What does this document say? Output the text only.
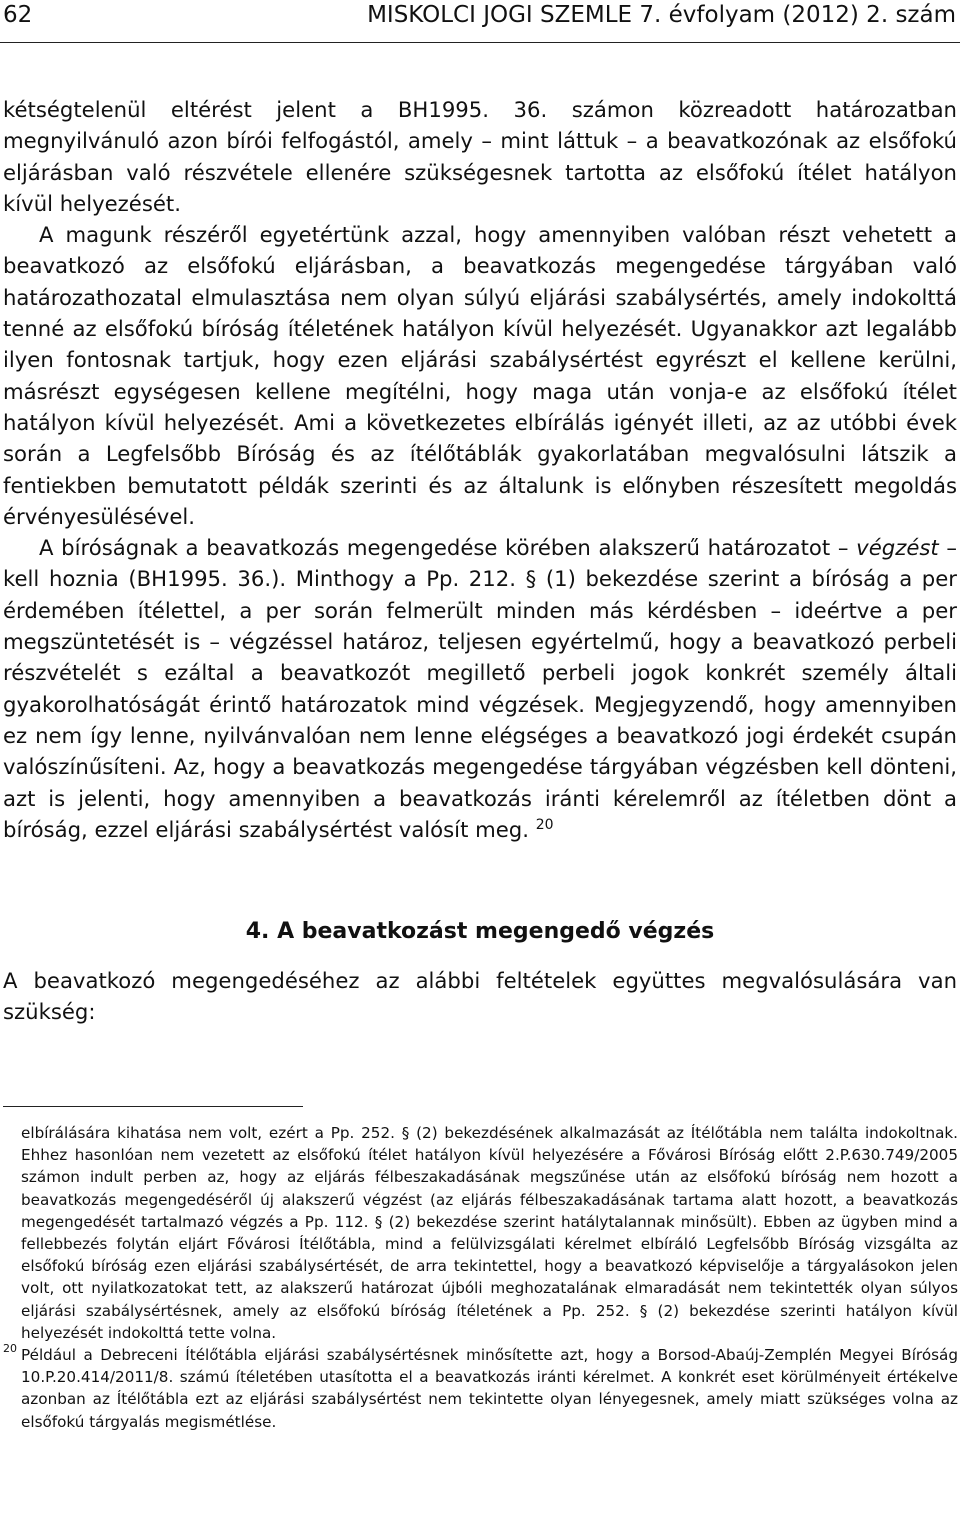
62	MISKOLCI JOGI SZEMLE 7. évfolyam (2012) 2. szám

kétségtelenül eltérést jelent a BH1995. 36. számon közreadott határozatban megnyilvánuló azon bírói felfogástól, amely – mint láttuk – a beavatkozónak az elsőfokú eljárásban való részvétele ellenére szükségesnek tartotta az elsőfokú ítélet hatályon kívül helyezését.

A magunk részéről egyetértünk azzal, hogy amennyiben valóban részt vehetett a beavatkozó az elsőfokú eljárásban, a beavatkozás megengedése tárgyában való határozathozatal elmulasztása nem olyan súlyú eljárási szabálysértés, amely indokolttá tenné az elsőfokú bíróság ítéletének hatályon kívül helyezését. Ugyanakkor azt legalább ilyen fontosnak tartjuk, hogy ezen eljárási szabálysértést egyrészt el kellene kerülni, másrészt egységesen kellene megítélni, hogy maga után vonja-e az elsőfokú ítélet hatályon kívül helyezését. Ami a következetes elbírálás igényét illeti, az az utóbbi évek során a Legfelsőbb Bíróság és az ítélőtáblák gyakorlatában megvalósulni látszik a fentiekben bemutatott példák szerinti és az általunk is előnyben részesített megoldás érvényesülésével.

A bíróságnak a beavatkozás megengedése körében alakszerű határozatot – végzést – kell hoznia (BH1995. 36.). Minthogy a Pp. 212. § (1) bekezdése szerint a bíróság a per érdemében ítélettel, a per során felmerült minden más kérdésben – ideértve a per megszüntetését is – végzéssel határoz, teljesen egyértelmű, hogy a beavatkozó perbeli részvételét s ezáltal a beavatkozót megillető perbeli jogok konkrét személy általi gyakorolhatóságát érintő határozatok mind végzések. Megjegyzendő, hogy amennyiben ez nem így lenne, nyilvánvalóan nem lenne elégséges a beavatkozó jogi érdekét csupán valószínűsíteni. Az, hogy a beavatkozás megengedése tárgyában végzésben kell dönteni, azt is jelenti, hogy amennyiben a beavatkozás iránti kérelemről az ítéletben dönt a bíróság, ezzel eljárási szabálysértést valósít meg. $^{20}$

4. A beavatkozást megengedő végzés

A beavatkozó megengedéséhez az alábbi feltételek együttes megvalósulására van szükség:

elbírálására kihatása nem volt, ezért a Pp. 252. § (2) bekezdésének alkalmazását az Ítélőtábla nem találta indokoltnak. Ehhez hasonlóan nem vezetett az elsőfokú ítélet hatályon kívül helyezésére a Fővárosi Bíróság előtt 2.P.630.749/2005 számon indult perben az, hogy az eljárás félbeszakadásának megszűnése után az elsőfokú bíróság nem hozott a beavatkozás megengedéséről új alakszerű végzést (az eljárás félbeszakadásának tartama alatt hozott, a beavatkozás megengedését tartalmazó végzés a Pp. 112. § (2) bekezdése szerint hatálytalannak minősült). Ebben az ügyben mind a fellebbezés folytán eljárt Fővárosi Ítélőtábla, mind a felülvizsgálati kérelmet elbíráló Legfelsőbb Bíróság vizsgálta az elsőfokú bíróság ezen eljárási szabálysértését, de arra tekintettel, hogy a beavatkozó képviselője a tárgyalásokon jelen volt, ott nyilatkozatokat tett, az alakszerű határozat újbóli meghozatalának elmaradását nem tekintették olyan súlyos eljárási szabálysértésnek, amely az elsőfokú bíróság ítéletének a Pp. 252. § (2) bekezdése szerinti hatályon kívül helyezését indokolttá tette volna.

20 Például a Debreceni Ítélőtábla eljárási szabálysértésnek minősítette azt, hogy a Borsod-Abaúj-Zemplén Megyei Bíróság 10.P.20.414/2011/8. számú ítéletében utasította el a beavatkozás iránti kérelmet. A konkrét eset körülményeit értékelve azonban az Ítélőtábla ezt az eljárási szabálysértést nem tekintette olyan lényegesnek, amely miatt szükséges volna az elsőfokú tárgyalás megismétlése.
